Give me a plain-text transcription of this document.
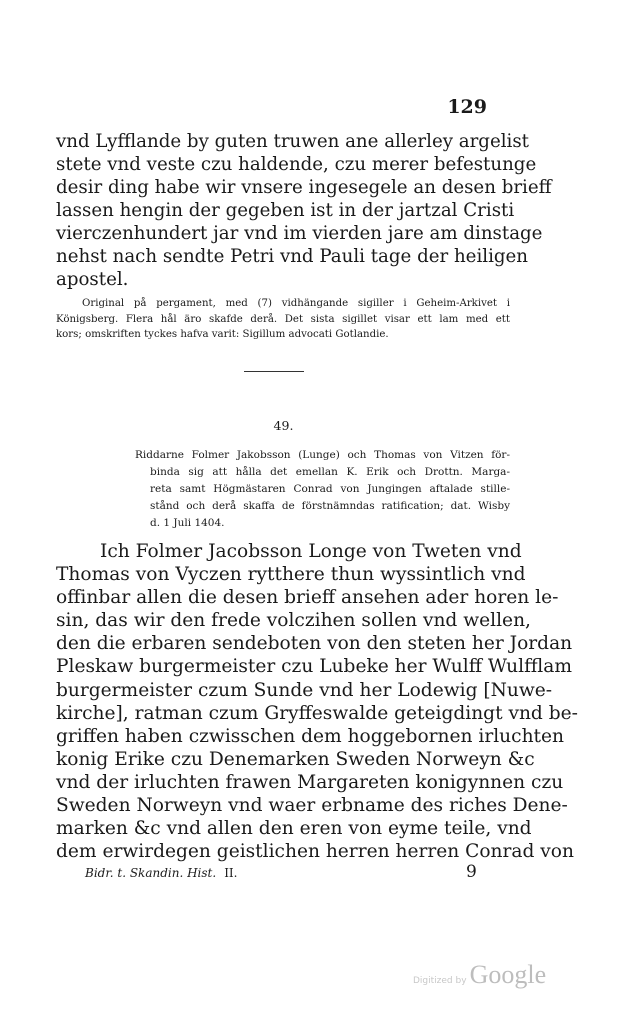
129
vnd Lyfflande by guten truwen ane allerley argelist
stete vnd veste czu haldende, czu merer befestunge
desir ding habe wir vnsere ingesegele an desen brieff
lassen hengin der gegeben ist in der jartzal Cristi
vierczenhundert jar vnd im vierden jare am dinstage
nehst nach sendte Petri vnd Pauli tage der heiligen
apostel.
Original på pergament, med (7) vidhängande sigiller i Geheim-Arkivet i
Königsberg. Flera hål äro skafde derå. Det sista sigillet visar ett lam med ett
kors; omskriften tyckes hafva varit: Sigillum advocati Gotlandie.
49.
Riddarne Folmer Jakobsson (Lunge) och Thomas von Vitzen för-
binda sig att hålla det emellan K. Erik och Drottn. Marga-
reta samt Högmästaren Conrad von Jungingen aftalade stille-
stånd och derå skaffa de förstnämndas ratification; dat. Wisby
d. 1 Juli 1404.
Ich Folmer Jacobsson Longe von Tweten vnd
Thomas von Vyczen rytthere thun wyssintlich vnd
offinbar allen die desen brieff ansehen ader horen le-
sin, das wir den frede volczihen sollen vnd wellen,
den die erbaren sendeboten von den steten her Jordan
Pleskaw burgermeister czu Lubeke her Wulff Wulfflam
burgermeister czum Sunde vnd her Lodewig [Nuwe-
kirche], ratman czum Gryffeswalde geteigdingt vnd be-
griffen haben czwisschen dem hoggebornen irluchten
konig Erike czu Denemarken Sweden Norweyn &c
vnd der irluchten frawen Margareten konigynnen czu
Sweden Norweyn vnd waer erbname des riches Dene-
marken &c vnd allen den eren von eyme teile, vnd
dem erwirdegen geistlichen herren herren Conrad von
Bidr. t. Skandin. Hist. II.	9
Digitized by Google
